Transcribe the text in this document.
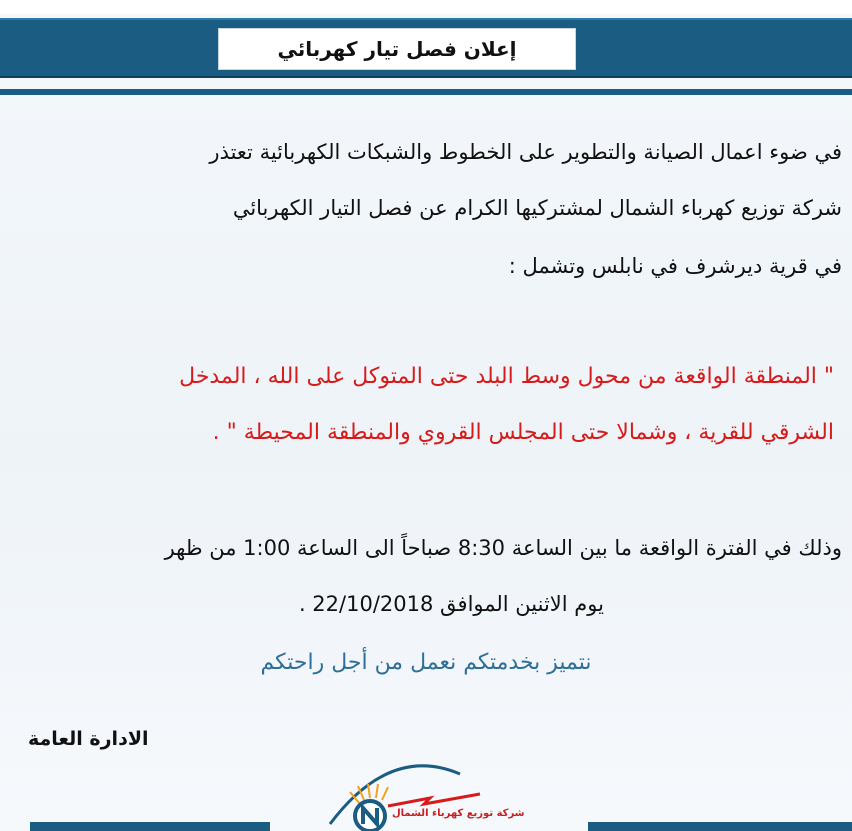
إعلان فصل تيار كهربائي
في ضوء اعمال الصيانة والتطوير على الخطوط والشبكات الكهربائية تعتذر
شركة توزيع كهرباء الشمال لمشتركيها الكرام عن فصل التيار الكهربائي
في قرية ديرشرف في نابلس وتشمل :
" المنطقة الواقعة من محول وسط البلد حتى المتوكل على الله ، المدخل
الشرقي للقرية ، وشمالا حتى المجلس القروي والمنطقة المحيطة " .
وذلك في الفترة الواقعة ما بين الساعة 8:30 صباحاً الى الساعة 1:00 من ظهر
يوم الاثنين الموافق 22/10/2018 .
نتميز بخدمتكم نعمل من أجل راحتكم
الادارة العامة
شركة توزيع كهرباء الشمال
